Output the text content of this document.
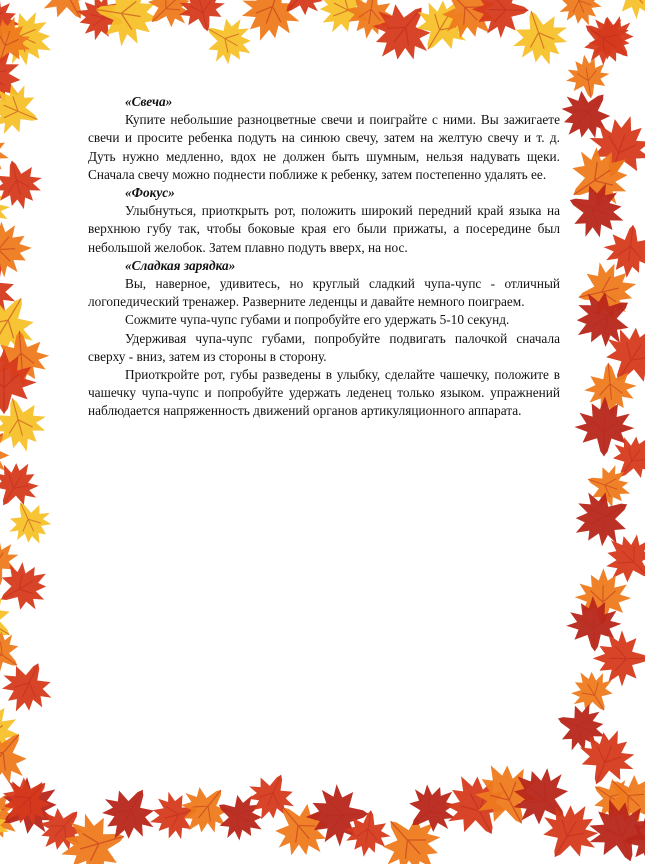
«Свеча»

Купите небольшие разноцветные свечи и поиграйте с ними. Вы зажигаете свечи и просите ребенка подуть на синюю свечу, затем на желтую свечу и т. д. Дуть нужно медленно, вдох не должен быть шумным, нельзя надувать щеки. Сначала свечу можно поднести поближе к ребенку, затем постепенно удалять ее.

«Фокус»

Улыбнуться, приоткрыть рот, положить широкий передний край языка на верхнюю губу так, чтобы боковые края его были прижаты, а посередине был небольшой желобок. Затем плавно подуть вверх, на нос.

«Сладкая зарядка»

Вы, наверное, удивитесь, но круглый сладкий чупа-чупс - отличный логопедический тренажер. Разверните леденцы и давайте немного поиграем.

Сожмите чупа-чупс губами и попробуйте его удержать 5-10 секунд.

Удерживая чупа-чупс губами, попробуйте подвигать палочкой сначала сверху - вниз, затем из стороны в сторону.

Приоткройте рот, губы разведены в улыбку, сделайте чашечку, положите в чашечку чупа-чупс и попробуйте удержать леденец только языком. упражнений наблюдается напряженность движений органов артикуляционного аппарата.
